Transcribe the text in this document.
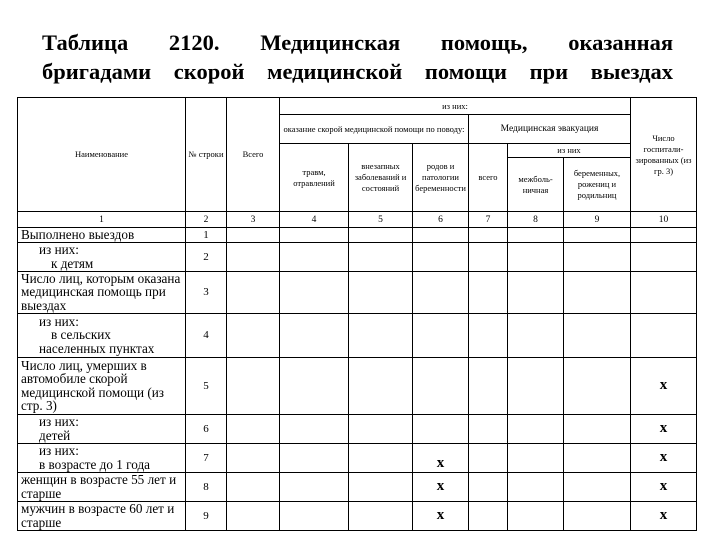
Таблица 2120. Медицинская помощь, оказанная
бригадами скорой медицинской помощи при выездах
Наименование	№ строки	Всего	из них:						Число госпитали-зированных (из гр. 3)
			оказание скорой медицинской помощи по поводу:			Медицинская эвакуация			
			травм, отравлений	внезапных заболеваний и состояний	родов и патологии беременности	всего	из них		
							межболь-ничная	беременных, рожениц и родильниц	
1	2	3	4	5	6	7	8	9	10

Выполнено выездов	1								

из них:
к детям	2								

Число лиц, которым оказана медицинская помощь при выездах	3								

из них:
в сельских
населенных пунктах	4								

Число лиц, умерших в автомобиле скорой медицинской помощи (из стр. 3)	5								x

из них:
детей	6								x

из них:
в возрасте до 1 года	7				x				x

женщин в возрасте 55 лет и старше	8				x				x

мужчин в возрасте 60 лет и старше	9				x				x
